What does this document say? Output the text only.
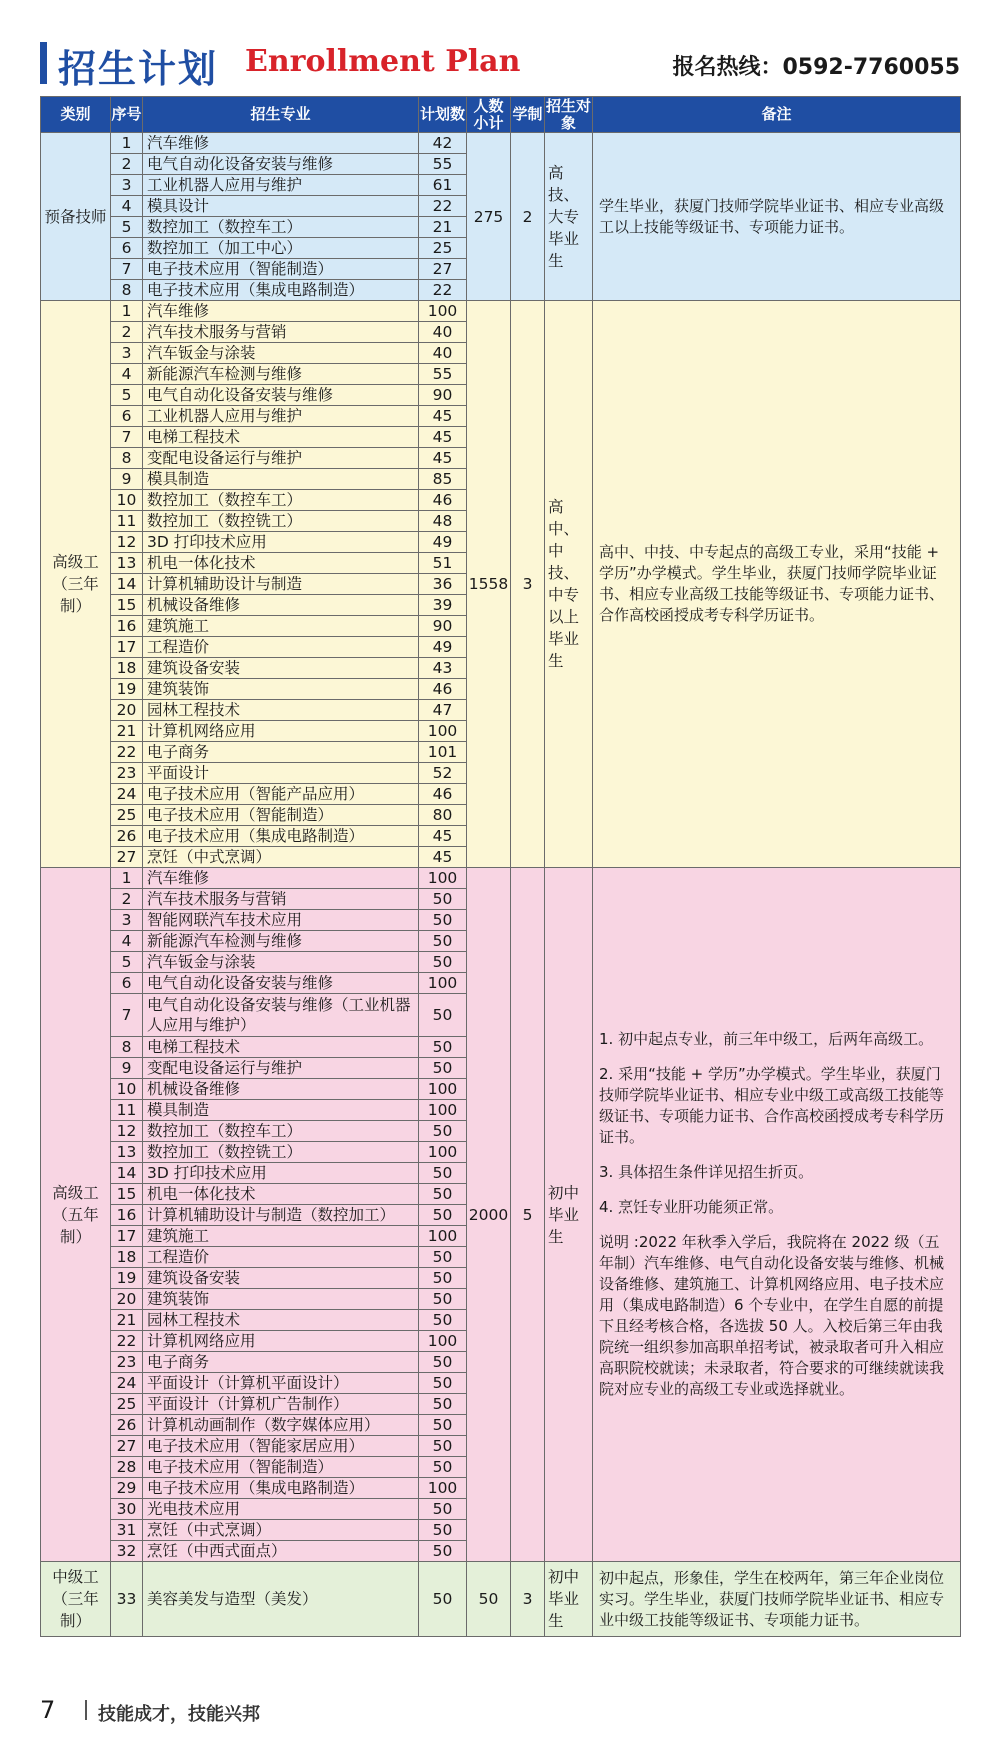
招生计划 Enrollment Plan	报名热线：0592-7760055
类别	序号	招生专业	计划数	人数小计	学制	招生对象	备注
预备技师	1	汽车维修	42	275	2	高技、大专毕业生	学生毕业，获厦门技师学院毕业证书、相应专业高级工以上技能等级证书、专项能力证书。

	2	电气自动化设备安装与维修	55				
	3	工业机器人应用与维护	61				
	4	模具设计	22				
	5	数控加工（数控车工）	21				
	6	数控加工（加工中心）	25				
	7	电子技术应用（智能制造）	27				
	8	电子技术应用（集成电路制造）	22				
高级工（三年制）	1	汽车维修	100	1558	3	高中、中技、中专以上毕业生	高中、中技、中专起点的高级工专业，采用“技能 + 学历”办学模式。学生毕业，获厦门技师学院毕业证书、相应专业高级工技能等级证书、专项能力证书、合作高校函授成考专科学历证书。

	2	汽车技术服务与营销	40				
	3	汽车钣金与涂装	40				
	4	新能源汽车检测与维修	55				
	5	电气自动化设备安装与维修	90				
	6	工业机器人应用与维护	45				
	7	电梯工程技术	45				
	8	变配电设备运行与维护	45				
	9	模具制造	85				
	10	数控加工（数控车工）	46				
	11	数控加工（数控铣工）	48				
	12	3D 打印技术应用	49				
	13	机电一体化技术	51				
	14	计算机辅助设计与制造	36				
	15	机械设备维修	39				
	16	建筑施工	90				
	17	工程造价	49				
	18	建筑设备安装	43				
	19	建筑装饰	46				
	20	园林工程技术	47				
	21	计算机网络应用	100				
	22	电子商务	101				
	23	平面设计	52				
	24	电子技术应用（智能产品应用）	46				
	25	电子技术应用（智能制造）	80				
	26	电子技术应用（集成电路制造）	45				
	27	烹饪（中式烹调）	45				
高级工（五年制）	1	汽车维修	100	2000	5	初中毕业生	1. 初中起点专业，前三年中级工，后两年高级工。

2. 采用“技能 + 学历”办学模式。学生毕业，获厦门技师学院毕业证书、相应专业中级工或高级工技能等级证书、专项能力证书、合作高校函授成考专科学历证书。

3. 具体招生条件详见招生折页。

4. 烹饪专业肝功能须正常。

说明 :2022 年秋季入学后，我院将在 2022 级（五年制）汽车维修、电气自动化设备安装与维修、机械设备维修、建筑施工、计算机网络应用、电子技术应用（集成电路制造）6 个专业中，在学生自愿的前提下且经考核合格，各选拔 50 人。入校后第三年由我院统一组织参加高职单招考试，被录取者可升入相应高职院校就读；未录取者，符合要求的可继续就读我院对应专业的高级工专业或选择就业。

	2	汽车技术服务与营销	50				
	3	智能网联汽车技术应用	50				
	4	新能源汽车检测与维修	50				
	5	汽车钣金与涂装	50				
	6	电气自动化设备安装与维修	100				
	7	电气自动化设备安装与维修（工业机器人应用与维护）	50				
	8	电梯工程技术	50				
	9	变配电设备运行与维护	50				
	10	机械设备维修	100				
	11	模具制造	100				
	12	数控加工（数控车工）	50				
	13	数控加工（数控铣工）	100				
	14	3D 打印技术应用	50				
	15	机电一体化技术	50				
	16	计算机辅助设计与制造（数控加工）	50				
	17	建筑施工	100				
	18	工程造价	50				
	19	建筑设备安装	50				
	20	建筑装饰	50				
	21	园林工程技术	50				
	22	计算机网络应用	100				
	23	电子商务	50				
	24	平面设计（计算机平面设计）	50				
	25	平面设计（计算机广告制作）	50				
	26	计算机动画制作（数字媒体应用）	50				
	27	电子技术应用（智能家居应用）	50				
	28	电子技术应用（智能制造）	50				
	29	电子技术应用（集成电路制造）	100				
	30	光电技术应用	50				
	31	烹饪（中式烹调）	50				
	32	烹饪（中西式面点）	50				
中级工（三年制）	33	美容美发与造型（美发）	50	50	3	初中毕业生	初中起点，形象佳，学生在校两年，第三年企业岗位实习。学生毕业，获厦门技师学院毕业证书、相应专业中级工技能等级证书、专项能力证书。

7 技能成才，技能兴邦
